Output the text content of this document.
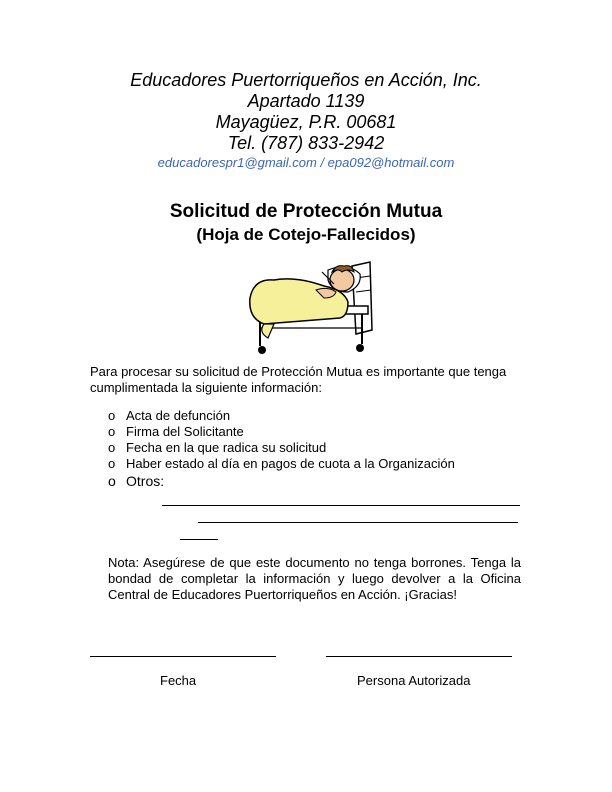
Educadores Puertorriqueños en Acción, Inc.
Apartado 1139
Mayagüez, P.R. 00681
Tel. (787) 833-2942
educadorespr1@gmail.com / epa092@hotmail.com
Solicitud de Protección Mutua
(Hoja de Cotejo-Fallecidos)
Para procesar su solicitud de Protección Mutua es importante que tenga cumplimentada la siguiente información:
o Acta de defunción
o Firma del Solicitante
o Fecha en la que radica su solicitud
o Haber estado al día en pagos de cuota a la Organización
o Otros:
Nota: Asegúrese de que este documento no tenga borrones. Tenga la bondad de completar la información y luego devolver a la Oficina Central de Educadores Puertorriqueños en Acción. ¡Gracias!
Fecha	Persona Autorizada
